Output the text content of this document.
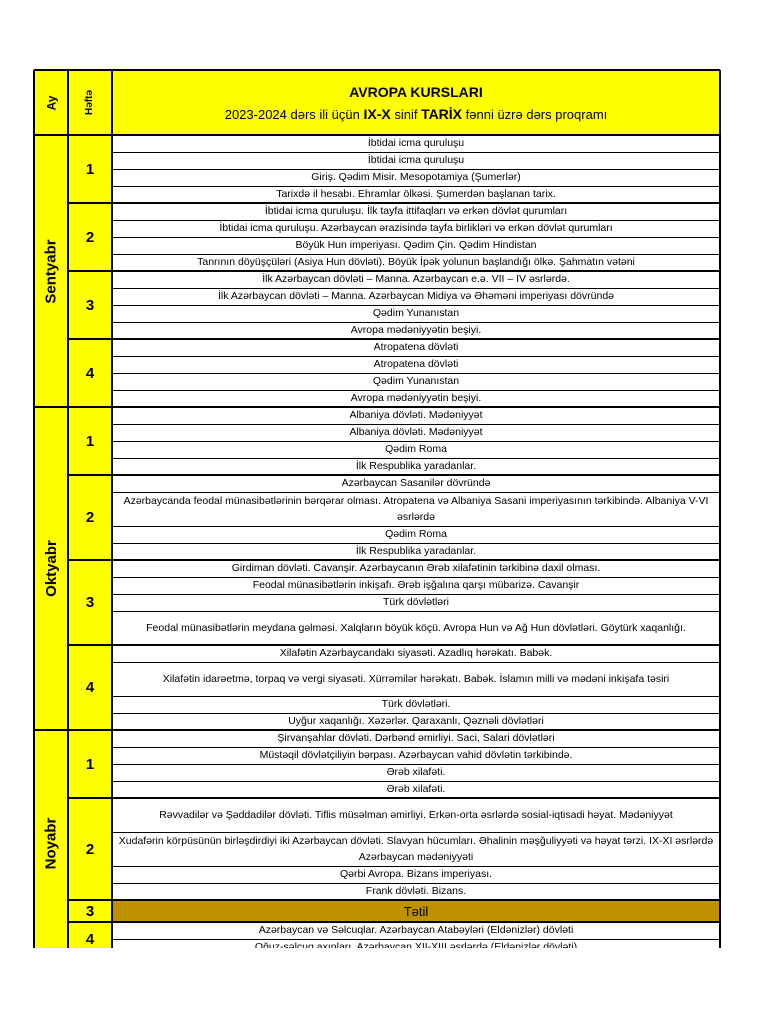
Ay	Həftə	AVROPA KURSLARI
2023-2024 dərs ili üçün IX-X sinif TARİX fənni üzrə dərs proqramı
İbtidai icma quruluşu
İbtidai icma quruluşu
Giriş. Qədim Misir. Mesopotamiya (Şumerlər)
Tarixdə il hesabı. Ehramlar ölkəsi. Şumerdən başlanan tarix.
1
İbtidai icma quruluşu. İlk tayfa ittifaqları və erkən dövlət qurumları
İbtidai icma quruluşu. Azərbaycan ərazisində tayfa birlikləri və erkən dövlət qurumları
Böyük Hun imperiyası. Qədim Çin. Qədim Hindistan
Tanrının döyüşçüləri (Asiya Hun dövləti). Böyük İpək yolunun başlandığı ölkə. Şahmatın vətəni
2
İlk Azərbaycan dövləti – Manna. Azərbaycan e.ə. VII – IV əsrlərdə.
İlk Azərbaycan dövləti – Manna. Azərbaycan Midiya və Əhəməni imperiyası dövründə
Qədim Yunanıstan
Avropa mədəniyyətin beşiyi.
3
Atropatena dövləti
Atropatena dövləti
Qədim Yunanıstan
Avropa mədəniyyətin beşiyi.
4
Sentyabr
Albaniya dövləti. Mədəniyyət
Albaniya dövləti. Mədəniyyət
Qədim Roma
İlk Respublika yaradanlar.
1
Azərbaycan Sasanilər dövründə
Azərbaycanda feodal münasibətlərinin bərqərar olması. Atropatena və Albaniya Sasani imperiyasının tərkibində. Albaniya V-VI əsrlərdə
Qədim Roma
İlk Respublika yaradanlar.
2
Girdiman dövləti. Cavanşir. Azərbaycanın Ərəb xilafətinin tərkibinə daxil olması.
Feodal münasibətlərin inkişafı. Ərəb işğalına qarşı mübarizə. Cavanşir
Türk dövlətləri
Feodal münasibətlərin meydana gəlməsi. Xalqların böyük köçü. Avropa Hun və Ağ Hun dövlətləri. Göytürk xaqanlığı.
3
Xilafətin Azərbaycandakı siyasəti. Azadlıq hərəkatı. Babək.
Xilafətin idarəetmə, torpaq və vergi siyasəti. Xürrəmilər hərəkatı. Babək. İslamın milli və mədəni inkişafa təsiri
Türk dövlətləri.
Uyğur xaqanlığı. Xəzərlər. Qaraxanlı, Qəznəli dövlətləri
4
Oktyabr
Şirvanşahlar dövləti. Dərbənd əmirliyi. Saci, Salari dövlətləri
Müstəqil dövlətçiliyin bərpası. Azərbaycan vahid dövlətin tərkibində.
Ərəb xilafəti.
Ərəb xilafəti.
1
Rəvvadilər və Şəddadilər dövləti. Tiflis müsəlman əmirliyi. Erkən-orta əsrlərdə sosial-iqtisadi həyat. Mədəniyyət
Xudafərin körpüsünün birləşdirdiyi iki Azərbaycan dövləti. Slavyan hücumları. Əhalinin məşğuliyyəti və həyat tərzi. IX-XI əsrlərdə Azərbaycan mədəniyyəti
Qərbi Avropa. Bizans imperiyası.
Frank dövləti. Bizans.
2
Tətil
3
Azərbaycan və Səlcuqlar. Azərbaycan Atabəyləri (Eldənizlər) dövləti
4
Noyabr
